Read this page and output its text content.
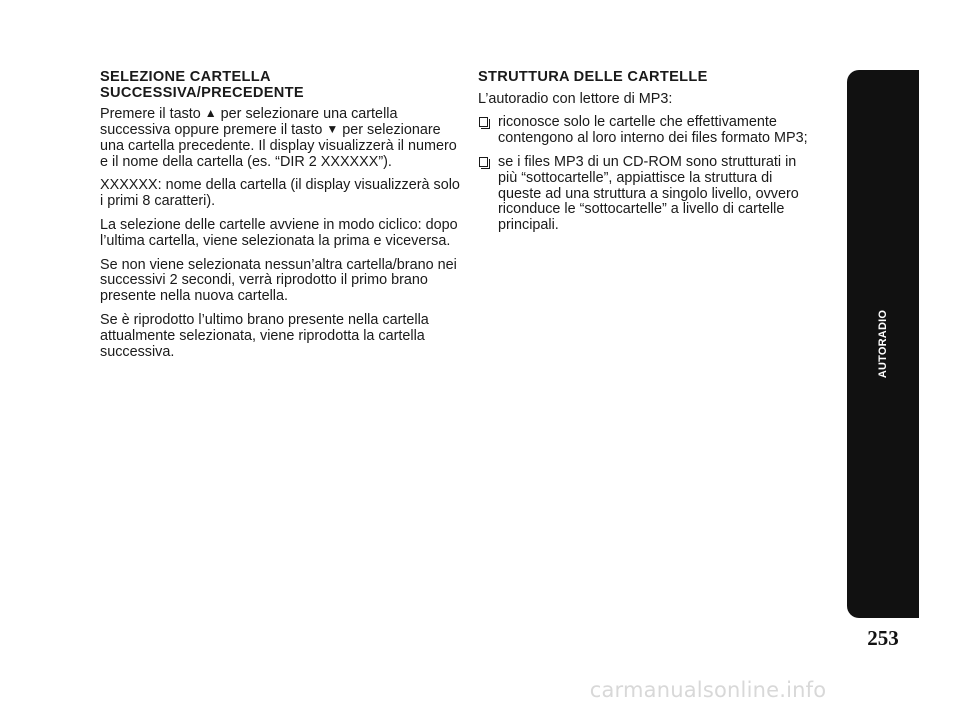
SELEZIONE CARTELLA
SUCCESSIVA/PRECEDENTE

Premere il tasto ▲ per selezionare una cartella successiva oppure premere il tasto ▼ per selezionare una cartella precedente. Il display visualizzerà il numero e il nome della cartella (es. “DIR 2 XXXXXX”).

XXXXXX: nome della cartella (il display visualizzerà solo i primi 8 caratteri).

La selezione delle cartelle avviene in modo ciclico: dopo l’ultima cartella, viene selezionata la prima e viceversa.

Se non viene selezionata nessun’altra cartella/brano nei successivi 2 secondi, verrà riprodotto il primo brano presente nella nuova cartella.

Se è riprodotto l’ultimo brano presente nella cartella attualmente selezionata, viene riprodotta la cartella successiva.

STRUTTURA DELLE CARTELLE

L’autoradio con lettore di MP3:

riconosce solo le cartelle che effettivamente contengono al loro interno dei files formato MP3;
se i files MP3 di un CD-ROM sono strutturati in più “sottocartelle”, appiattisce la struttura di queste ad una struttura a singolo livello, ovvero riconduce le “sottocartelle” a livello di cartelle principali.
AUTORADIO
253
carmanualsonline.info
